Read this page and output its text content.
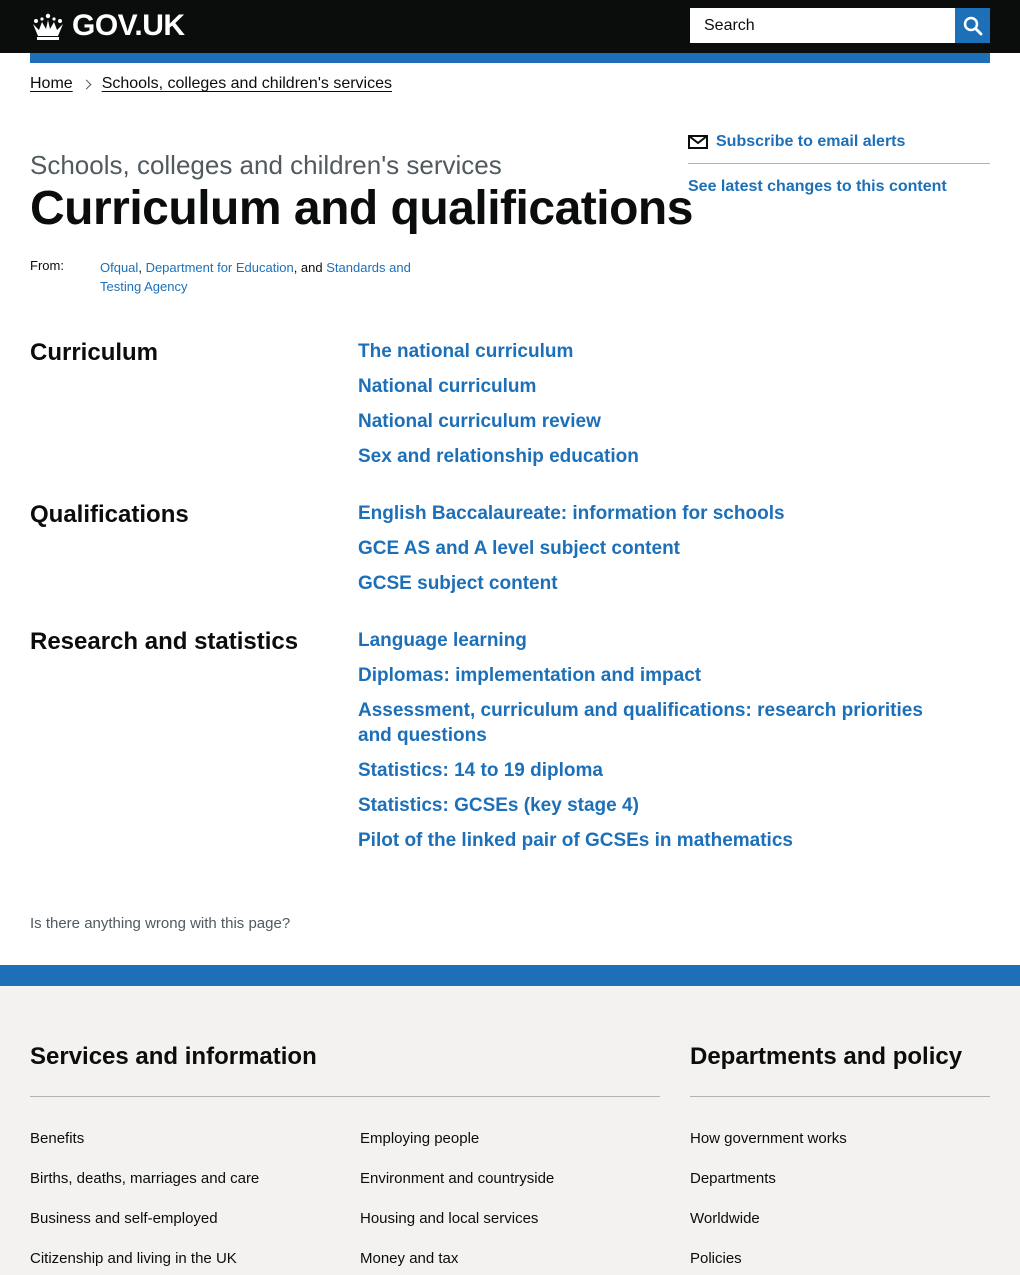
GOV.UK
Search
Home Schools, colleges and children's services
Schools, colleges and children's services
Curriculum and qualifications
From:	Ofqual, Department for Education, and Standards and Testing Agency
Subscribe to email alerts
See latest changes to this content
Curriculum	The national curriculum
National curriculum
National curriculum review
Sex and relationship education
Qualifications	English Baccalaureate: information for schools
GCE AS and A level subject content
GCSE subject content
Research and statistics	Language learning
Diplomas: implementation and impact
Assessment, curriculum and qualifications: research priorities and questions
Statistics: 14 to 19 diploma
Statistics: GCSEs (key stage 4)
Pilot of the linked pair of GCSEs in mathematics
Is there anything wrong with this page?
Services and information	Departments and policy
Benefits
Births, deaths, marriages and care
Business and self-employed
Citizenship and living in the UK
Employing people
Environment and countryside
Housing and local services
Money and tax
How government works
Departments
Worldwide
Policies
